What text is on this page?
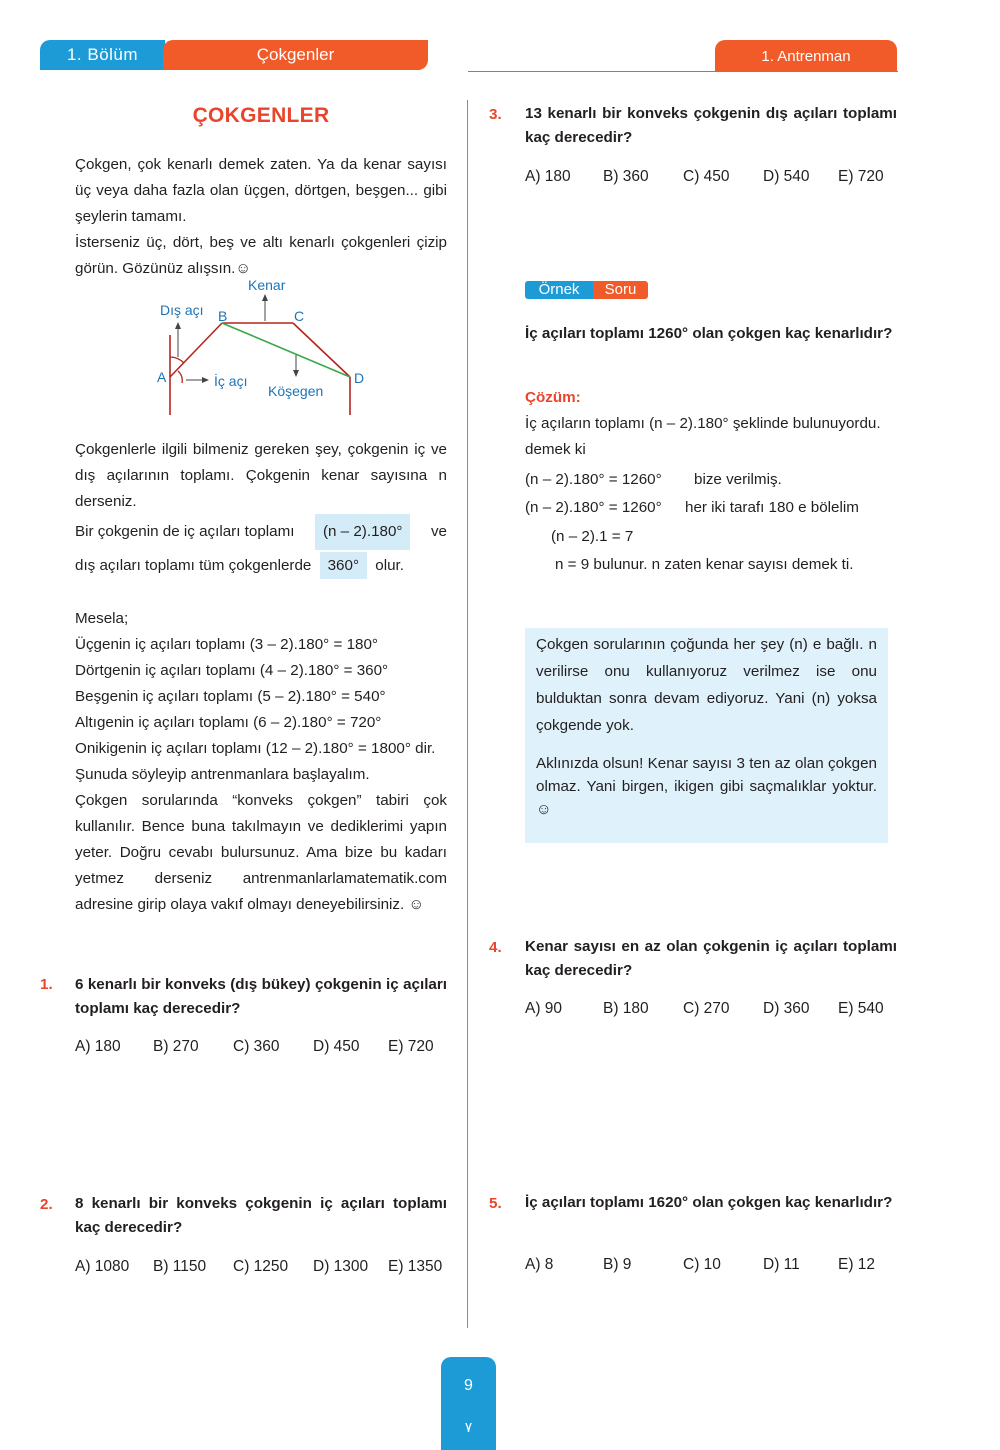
1. Bölüm	Çokgenler	1. Antrenman
ÇOKGENLER
Çokgen, çok kenarlı demek zaten. Ya da kenar sayısı üç veya daha fazla olan üçgen, dörtgen, beşgen... gibi şeylerin tamamı.
İsterseniz üç, dört, beş ve altı kenarlı çokgenleri çizip görün. Gözünüz alışsın.☺
Kenar
Dış açı
İç açı
Köşegen
A
B	C
D
Çokgenlerle ilgili bilmeniz gereken şey, çokgenin iç ve dış açılarının toplamı. Çokgenin kenar sayısına n derseniz.
Bir çokgenin de iç açıları toplamı	(n – 2).180°	ve
dış açıları toplamı tüm çokgenlerde 360° olur.
Mesela;
Üçgenin iç açıları toplamı (3 – 2).180° = 180°
Dörtgenin iç açıları toplamı (4 – 2).180° = 360°
Beşgenin iç açıları toplamı (5 – 2).180° = 540°
Altıgenin iç açıları toplamı (6 – 2).180° = 720°
Onikigenin iç açıları toplamı (12 – 2).180° = 1800° dir.
Şunuda söyleyip antrenmanlara başlayalım.
Çokgen sorularında “konveks çokgen” tabiri çok kullanılır. Bence buna takılmayın ve dediklerimi yapın yeter. Doğru cevabı bulursunuz. Ama bize bu kadarı yetmez derseniz antrenmanlarlamatematik.com adresine girip olaya vakıf olmayı deneyebilirsiniz. ☺
1. 6 kenarlı bir konveks (dış bükey) çokgenin iç açıları toplamı kaç derecedir?
A) 180 B) 270 C) 360 D) 450 E) 720
2. 8 kenarlı bir konveks çokgenin iç açıları toplamı kaç derecedir?
A) 1080 B) 1150 C) 1250 D) 1300 E) 1350
3. 13 kenarlı bir konveks çokgenin dış açıları toplamı kaç derecedir?
A) 180 B) 360 C) 450 D) 540 E) 720
Örnek	Soru
İç açıları toplamı 1260° olan çokgen kaç kenarlıdır?
Çözüm:
İç açıların toplamı (n – 2).180° şeklinde bulunuyordu.
demek ki
(n – 2).180° = 1260° bize verilmiş.
(n – 2).180° = 1260° her iki tarafı 180 e bölelim
(n – 2).1 = 7
n = 9 bulunur. n zaten kenar sayısı demek ti.
Çokgen sorularının çoğunda her şey (n) e bağlı. n verilirse onu kullanıyoruz verilmez ise onu bulduktan sonra devam ediyoruz. Yani (n) yoksa çokgende yok.
Aklınızda olsun! Kenar sayısı 3 ten az olan çokgen olmaz. Yani birgen, ikigen gibi saçmalıklar yoktur. ☺
4. Kenar sayısı en az olan çokgenin iç açıları toplamı kaç derecedir?
A) 90	B) 180 C) 270 D) 360 E) 540
5. İç açıları toplamı 1620° olan çokgen kaç kenarlıdır?
A) 8	B) 9	C) 10	D) 11 E) 12
9
٧
